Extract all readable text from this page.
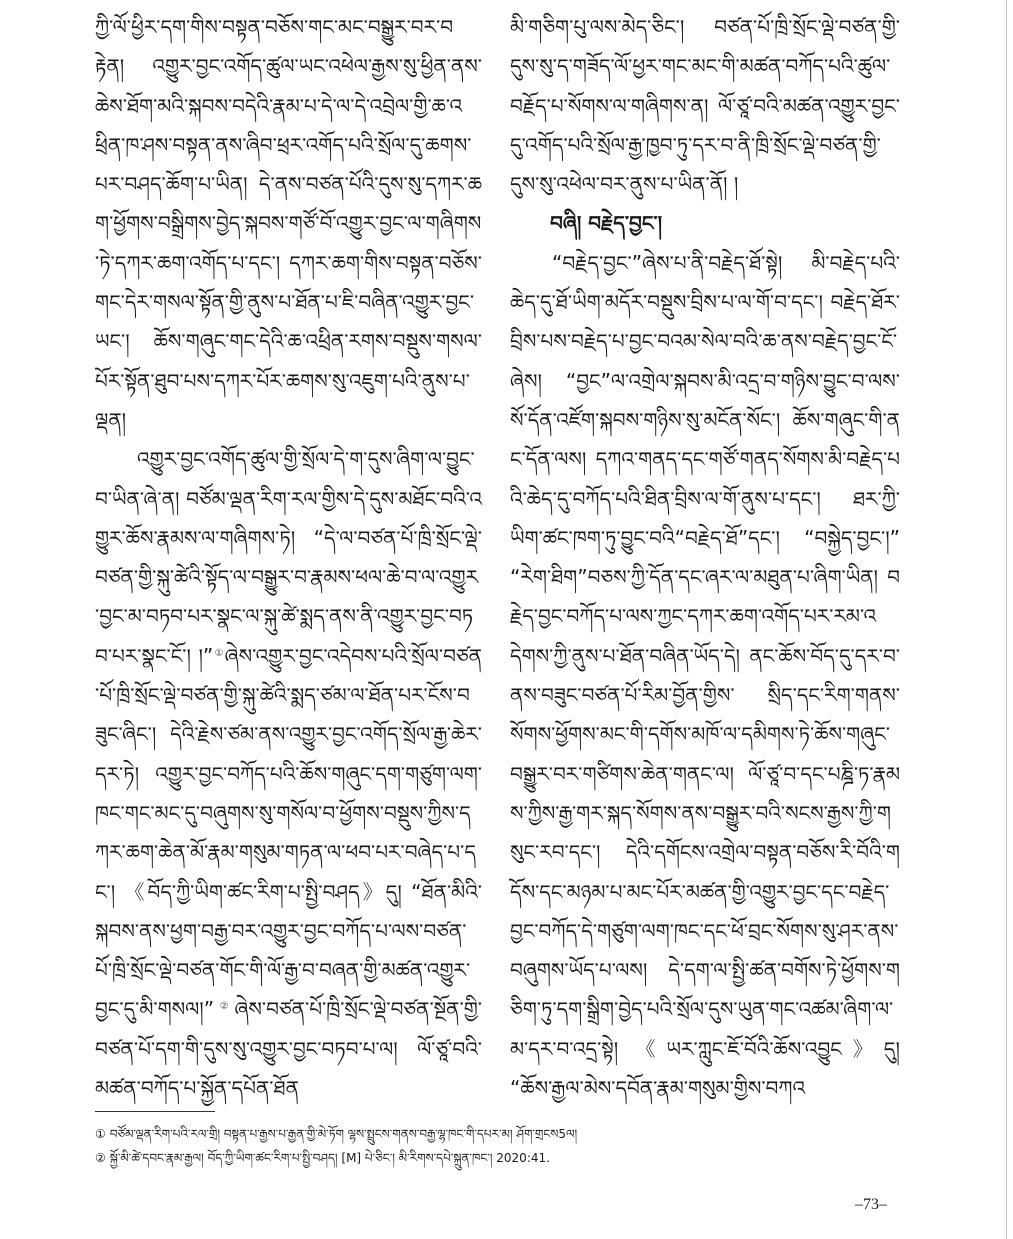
ཀྱི་ལོ་ཕྱིར་དག་གིས་བསྟན་བཅོས་གང་མང་བསྒྱུར་བར་བརྟེན། འགྱུར་བྱང་འགོད་ཚུལ་ཡང་འཕེལ་རྒྱས་སུ་ཕྱིན་ནས་ཆེས་ཐོག་མའི་སྐབས་བདེའི་རྣམ་པ་དེ་ལ་དེ་འབྲེལ་གྱི་ཆ་འཕྲིན་ཁ་ཤས་བསྟན་ནས་ཞིབ་ཕྲར་འགོད་པའི་སྲོལ་དུ་ཆགས་པར་བཤད་ཆོག་པ་ཡིན། དེ་ནས་བཙན་པོའི་དུས་སུ་དཀར་ཆག་ཕྱོགས་བསྒྲིགས་བྱེད་སྐབས་གཙོ་བོ་འགྱུར་བྱང་ལ་གཞིགས་ཏེ་དཀར་ཆག་འགོད་པ་དང་། དཀར་ཆག་གིས་བསྟན་བཅོས་གང་དེར་གསལ་སྟོན་གྱི་ནུས་པ་ཐོན་པ་ཇི་བཞིན་འགྱུར་བྱང་ཡང་། ཆོས་གཞུང་གང་དེའི་ཆ་འཕྲིན་རགས་བསྡུས་གསལ་པོར་སྟོན་ཐུབ་པས་དཀར་པོར་ཆགས་སུ་འཇུག་པའི་ནུས་པ་ལྡན།

འགྱུར་བྱང་འགོད་ཚུལ་གྱི་སྲོལ་དེ་ག་དུས་ཞིག་ལ་བྱུང་བ་ཡིན་ཞེ་ན། བཙོམ་ལྡན་རིག་རལ་གྱིས་དེ་དུས་མཐོང་བའི་འགྱུར་ཆོས་རྣམས་ལ་གཞིགས་ཏེ། “དེ་ལ་བཙན་པོ་ཁྲི་སྲོང་ལྡེ་བཙན་གྱི་སྐུ་ཚེའི་སྟོད་ལ་བསྒྱུར་བ་རྣམས་ཕལ་ཆེ་བ་ལ་འགྱུར་བྱང་མ་བཏབ་པར་སྣང་ལ་སྐུ་ཚེ་སྨད་ནས་ནི་འགྱུར་བྱང་བཏབ་པར་སྣང་ངོ་། །”①ཞེས་འགྱུར་བྱང་འདེབས་པའི་སྲོལ་བཙན་པོ་ཁྲི་སྲོང་ལྡེ་བཙན་གྱི་སྐུ་ཚེའི་སྨད་ཙམ་ལ་ཐོན་པར་ངོས་བཟུང་ཞིང་། དེའི་རྗེས་ཙམ་ནས་འགྱུར་བྱང་འགོད་སྲོལ་རྒྱ་ཆེར་དར་ཏེ། འགྱུར་བྱང་བཀོད་པའི་ཆོས་གཞུང་དག་གཙུག་ལག་ཁང་གང་མང་དུ་བཞུགས་སུ་གསོལ་བ་ཕྱོགས་བསྡུས་ཀྱིས་དཀར་ཆག་ཆེན་མོ་རྣམ་གསུམ་གཏན་ལ་ཕབ་པར་བཞེད་པ་དང་། 《བོད་ཀྱི་ཡིག་ཚང་རིག་པ་སྤྱི་བཤད》དུ། “ཐོན་མིའི་སྐབས་ནས་ཕྱག་བརྒྱ་བར་འགྱུར་བྱང་བཀོད་པ་ལས་བཙན་པོ་ཁྲི་སྲོང་ལྡེ་བཙན་གོང་གི་ལོ་རྒྱ་བ་བཞན་གྱི་མཚན་འགྱུར་བྱང་དུ་མི་གསལ།”②ཞེས་བཙན་པོ་ཁྲི་སྲོང་ལྡེ་བཙན་སྔོན་གྱི་བཙན་པོ་དག་གི་དུས་སུ་འགྱུར་བྱང་བཏབ་པ་ལ། ལོ་ཙཱ་བའི་མཚན་བཀོད་པ་སྐྱོན་དཔོན་ཐོན

མི་གཅིག་པུ་ལས་མེད་ཅིང་། བཙན་པོ་ཁྲི་སྲོང་ལྡེ་བཙན་གྱི་དུས་སུ་ད་གཟོད་ལོ་ཕྱར་གང་མང་གི་མཚན་བཀོད་པའི་ཚུལ་བརྗོད་པ་སོགས་ལ་གཞིགས་ན། ལོ་ཙཱ་བའི་མཚན་འགྱུར་བྱང་དུ་འགོད་པའི་སྲོལ་རྒྱ་ཁྱབ་ཏུ་དར་བ་ནི་ཁྲི་སྲོང་ལྡེ་བཙན་གྱི་དུས་སུ་འཕེལ་བར་ནུས་པ་ཡིན་ནོ། །

བཞི། བརྗེད་བྱང་།

“བརྗེད་བྱང་”ཞེས་པ་ནི་བརྗེད་ཐོ་སྟེ། མི་བརྗེད་པའི་ཆེད་དུ་ཐོ་ཡིག་མདོར་བསྡུས་བྲིས་པ་ལ་གོ་བ་དང་། བརྗེད་ཐོར་བྲིས་པས་བརྗེད་པ་བྱང་བའམ་སེལ་བའི་ཆ་ནས་བརྗེད་བྱང་ངོ་ཞེས། “བྱང”ལ་འགྲེལ་སྐབས་མི་འདྲ་བ་གཉིས་བྱུང་བ་ལས་སོ་དོན་འཛོག་སྐབས་གཉིས་སུ་མངོན་སོང་། ཆོས་གཞུང་གི་ནང་དོན་ལས། དཀའ་གནད་དང་གཙོ་གནད་སོགས་མི་བརྗེད་པའི་ཆེད་དུ་བཀོད་པའི་ཐིན་བྲིས་ལ་གོ་ནུས་པ་དང་། ཐར་ཀྱི་ཡིག་ཚང་ཁག་ཏུ་བྱུང་བའི“བརྗེད་ཐོ”དང་། “བསྐྱེད་བྱང་།” “རེག་ཐིག”བཅས་ཀྱི་དོན་དང་ཞར་ལ་མཐུན་པ་ཞིག་ཡིན། བརྗེད་བྱང་བཀོད་པ་ལས་ཀྱང་དཀར་ཆག་འགོད་པར་རམ་འདེགས་ཀྱི་ནུས་པ་ཐོན་བཞིན་ཡོད་དེ། ནང་ཆོས་བོད་དུ་དར་བ་ནས་བཟུང་བཙན་པོ་རིམ་བྱོན་གྱིས་ སྲིད་དང་རིག་གནས་སོགས་ཕྱོགས་མང་གི་དགོས་མཁོ་ལ་དམིགས་ཏེ་ཆོས་གཞུང་བསྒྱུར་བར་གཙིགས་ཆེན་གནང་ལ། ལོ་ཙཱ་བ་དང་པཎྜི་ཏ་རྣམས་ཀྱིས་རྒྱ་གར་སྐད་སོགས་ནས་བསྒྱུར་བའི་སངས་རྒྱས་ཀྱི་གསུང་རབ་དང་། དེའི་དགོངས་འགྲེལ་བསྟན་བཅོས་རི་བོའི་གདོས་དང་མཉམ་པ་མང་པོར་མཚན་གྱི་འགྱུར་བྱང་དང་བརྗེད་བྱང་བཀོད་དེ་གཙུག་ལག་ཁང་དང་ཕོ་བྲང་སོགས་སུ་ཤར་ནས་བཞུགས་ཡོད་པ་ལས། དེ་དག་ལ་སྤྱི་ཚན་བགོས་ཏེ་ཕྱོགས་གཅིག་ཏུ་དག་སྒྲིག་བྱེད་པའི་སྲོལ་དུས་ཡུན་གང་འཚམ་ཞིག་ལ་མ་དར་བ་འདྲ་སྟེ། 《ཡར་ཀླུང་ཇོ་བོའི་ཆོས་འབྱུང》དུ། “ཆོས་རྒྱལ་མེས་དབོན་རྣམ་གསུམ་གྱིས་བཀའ

① བཙོམ་ལྡན་རིག་པའི་རལ་གྲི། བསྟན་པ་རྒྱས་པ་རྒྱན་གྱི་མེ་ཏོག ལྷས་སྤྲུངས་གནས་བརྒྱ་ལྷ་ཁང་གི་དཔར་མ། ཤོག་གྲངས5ལ།

② སྐྱོ་མི་ཚེ་དབང་རྣམ་རྒྱལ། བོད་ཀྱི་ཡིག་ཚང་རིག་པ་སྤྱི་བཤད། [M] པེ་ཅིང་། མི་རིགས་དཔེ་སྐྲུན་ཁང་། 2020:41.

–73–
